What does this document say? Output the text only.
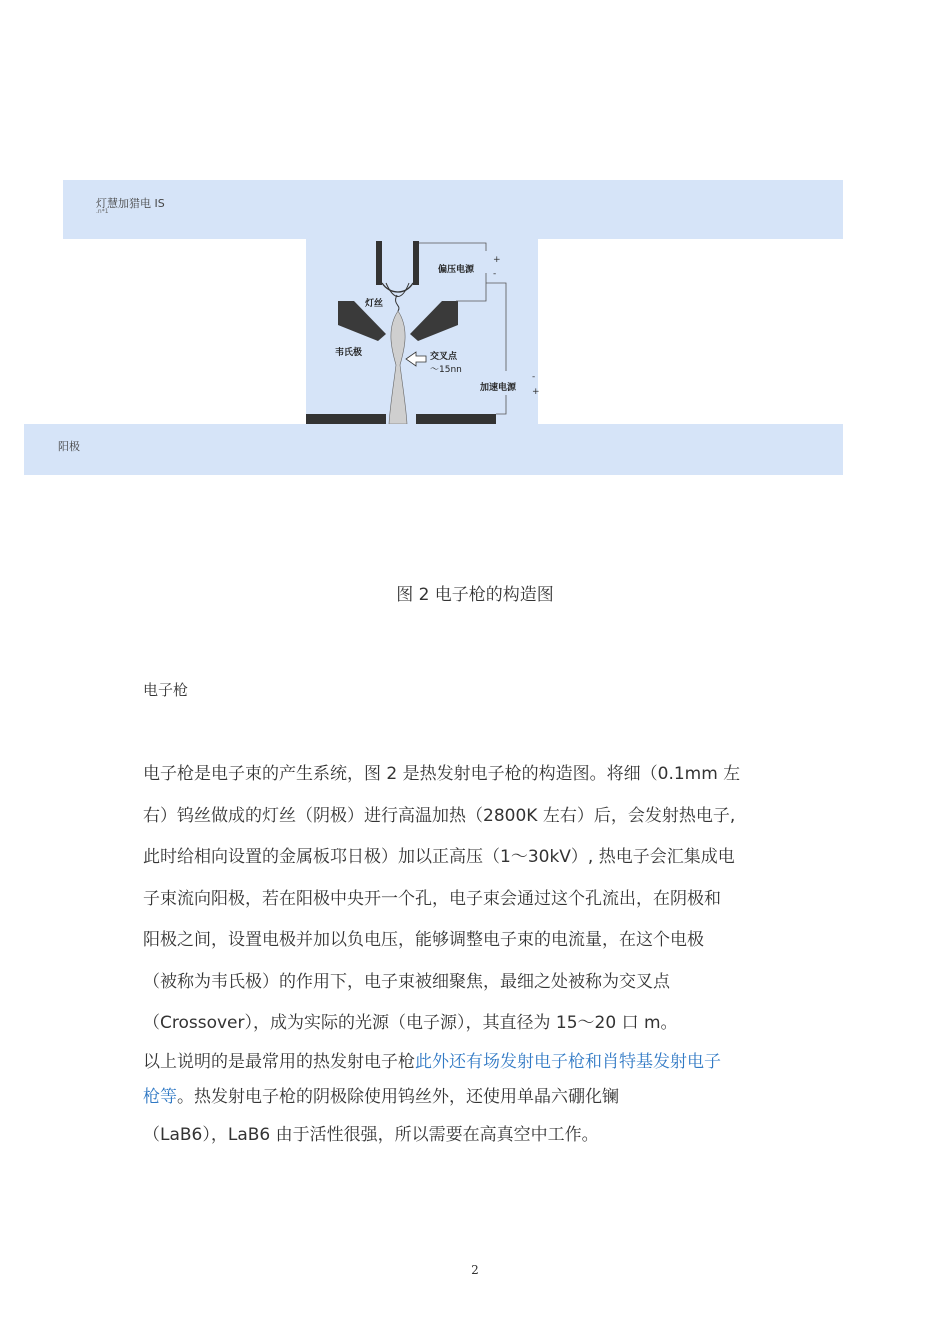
灯慧加猎电 IS
.n*1
偏压电源
灯丝
韦氏极	交叉点
～15nn
加速电源
+
-
-
+
阳极
图 2 电子枪的构造图
电子枪
电子枪是电子束的产生系统，图 2 是热发射电子枪的构造图。将细（0.1mm 左
右）钨丝做成的灯丝（阴极）进行高温加热（2800K 左右）后，会发射热电子,
此时给相向设置的金属板邛日极）加以正高压（1〜30kV）, 热电子会汇集成电
子束流向阳极，若在阳极中央开一个孔，电子束会通过这个孔流出，在阴极和
阳极之间，设置电极并加以负电压，能够调整电子束的电流量，在这个电极
（被称为韦氏极）的作用下，电子束被细聚焦，最细之处被称为交叉点
（Crossover），成为实际的光源（电子源），其直径为 15〜20 口 m。
以上说明的是最常用的热发射电子枪此外还有场发射电子枪和肖特基发射电子
枪等。热发射电子枪的阴极除使用钨丝外，还使用单晶六硼化镧
（LaB6），LaB6 由于活性很强，所以需要在高真空中工作。
2
